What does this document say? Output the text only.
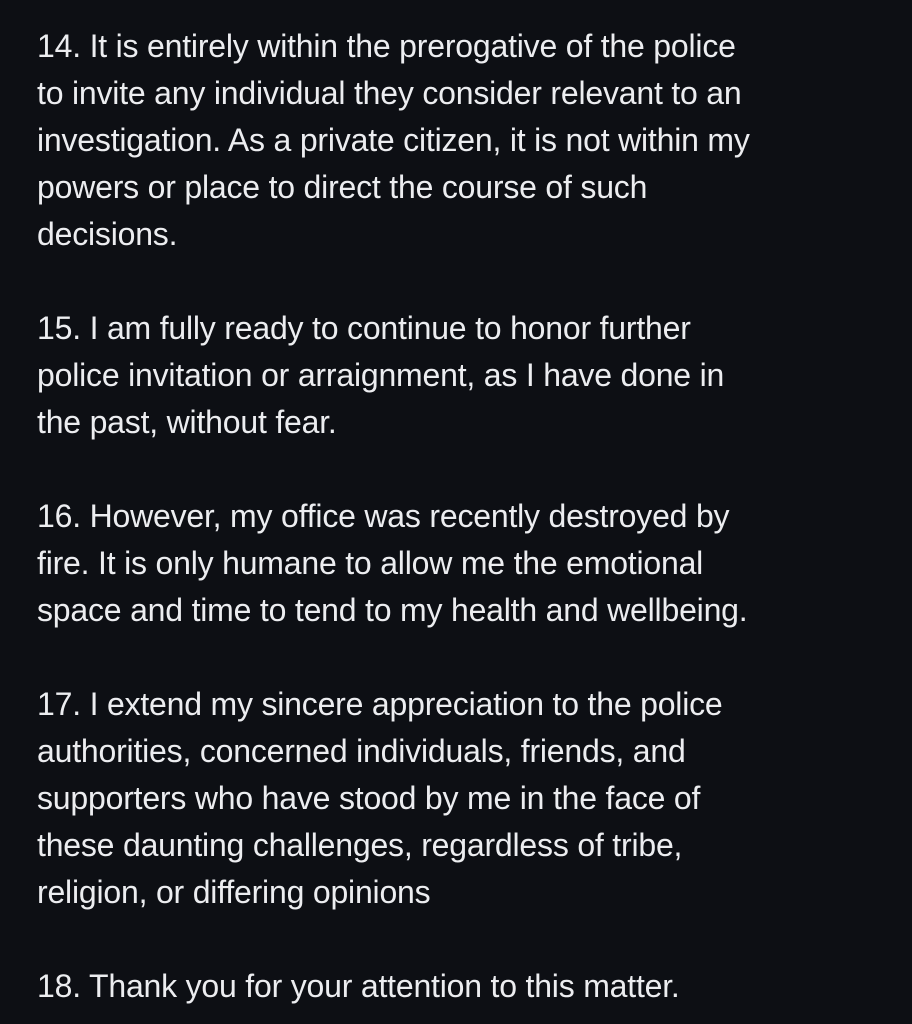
14. It is entirely within the prerogative of the police
to invite any individual they consider relevant to an
investigation. As a private citizen, it is not within my
powers or place to direct the course of such
decisions.

15. I am fully ready to continue to honor further
police invitation or arraignment, as I have done in
the past, without fear.

16. However, my office was recently destroyed by
fire. It is only humane to allow me the emotional
space and time to tend to my health and wellbeing.

17. I extend my sincere appreciation to the police
authorities, concerned individuals, friends, and
supporters who have stood by me in the face of
these daunting challenges, regardless of tribe,
religion, or differing opinions

18. Thank you for your attention to this matter.
